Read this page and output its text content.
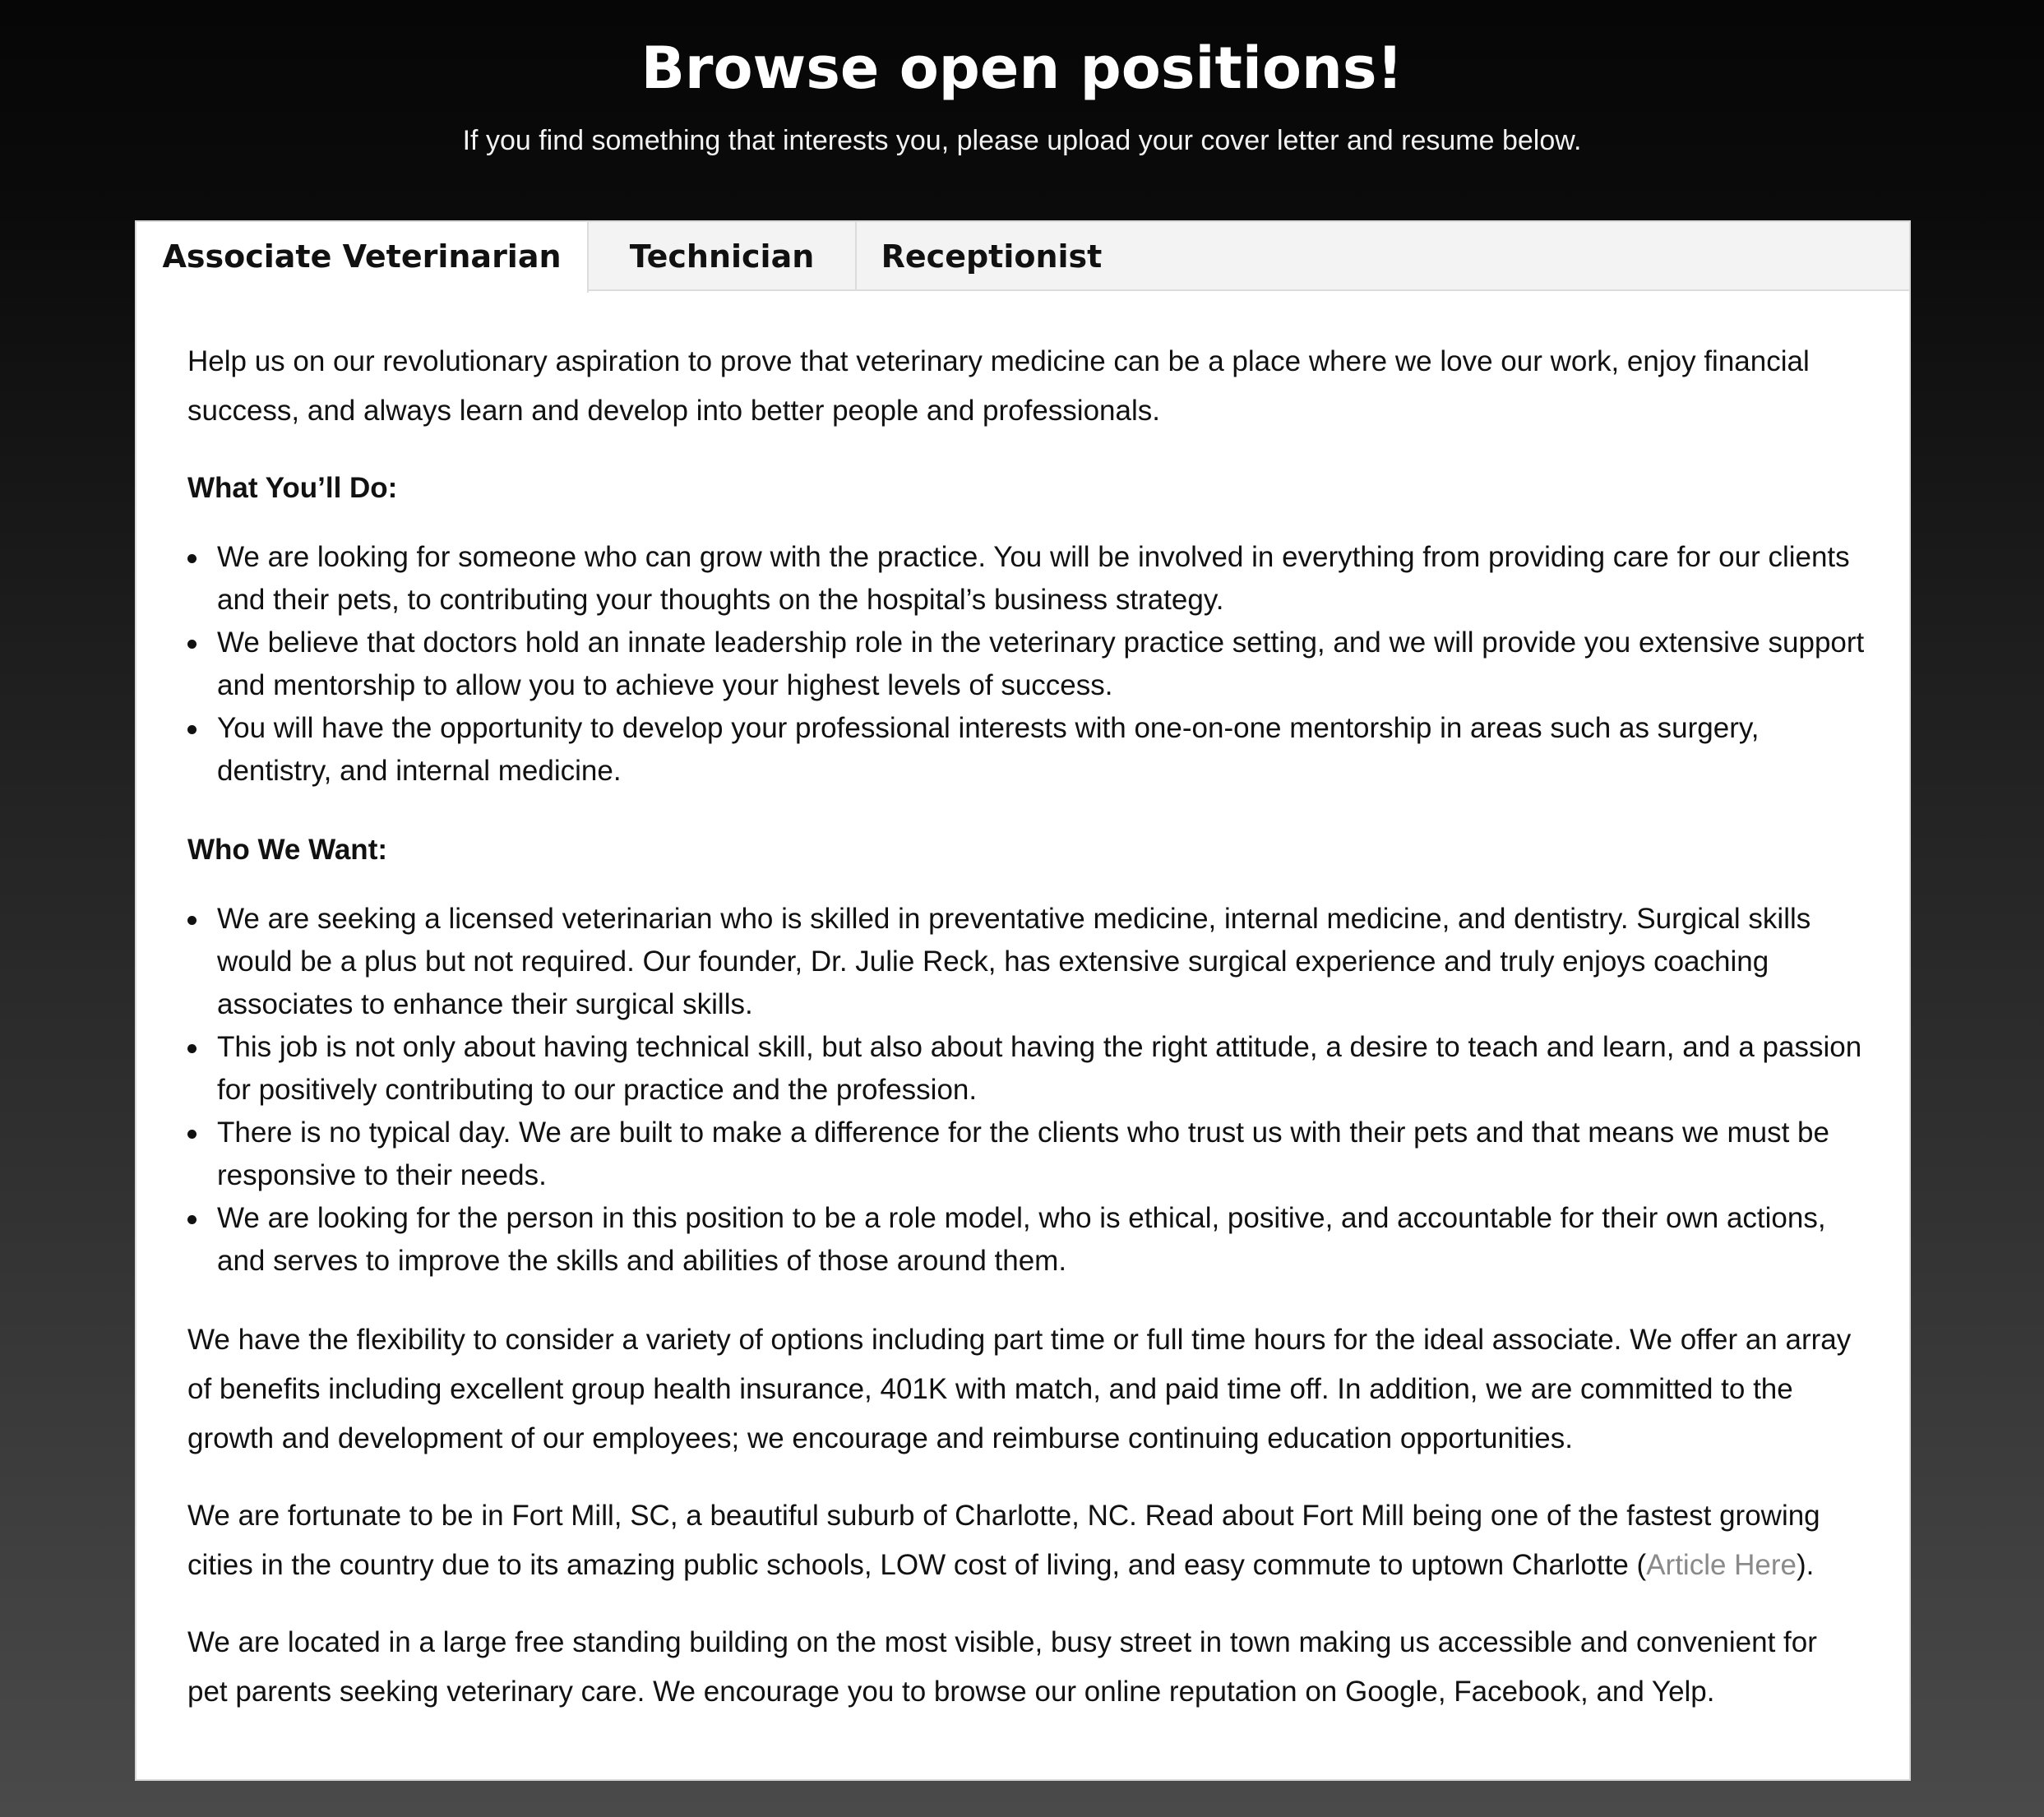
Browse open positions!

If you find something that interests you, please upload your cover letter and resume below.

Associate Veterinarian	Technician	Receptionist

Help us on our revolutionary aspiration to prove that veterinary medicine can be a place where we love our work, enjoy financial success, and always learn and develop into better people and professionals.

What You’ll Do:

We are looking for someone who can grow with the practice. You will be involved in everything from providing care for our clients and their pets, to contributing your thoughts on the hospital’s business strategy.
We believe that doctors hold an innate leadership role in the veterinary practice setting, and we will provide you extensive support and mentorship to allow you to achieve your highest levels of success.
You will have the opportunity to develop your professional interests with one-on-one mentorship in areas such as surgery, dentistry, and internal medicine.

Who We Want:

We are seeking a licensed veterinarian who is skilled in preventative medicine, internal medicine, and dentistry. Surgical skills would be a plus but not required. Our founder, Dr. Julie Reck, has extensive surgical experience and truly enjoys coaching associates to enhance their surgical skills.
This job is not only about having technical skill, but also about having the right attitude, a desire to teach and learn, and a passion for positively contributing to our practice and the profession.
There is no typical day. We are built to make a difference for the clients who trust us with their pets and that means we must be responsive to their needs.
We are looking for the person in this position to be a role model, who is ethical, positive, and accountable for their own actions, and serves to improve the skills and abilities of those around them.

We have the flexibility to consider a variety of options including part time or full time hours for the ideal associate. We offer an array of benefits including excellent group health insurance, 401K with match, and paid time off. In addition, we are committed to the growth and development of our employees; we encourage and reimburse continuing education opportunities.

We are fortunate to be in Fort Mill, SC, a beautiful suburb of Charlotte, NC. Read about Fort Mill being one of the fastest growing cities in the country due to its amazing public schools, LOW cost of living, and easy commute to uptown Charlotte (Article Here).

We are located in a large free standing building on the most visible, busy street in town making us accessible and convenient for pet parents seeking veterinary care. We encourage you to browse our online reputation on Google, Facebook, and Yelp.
